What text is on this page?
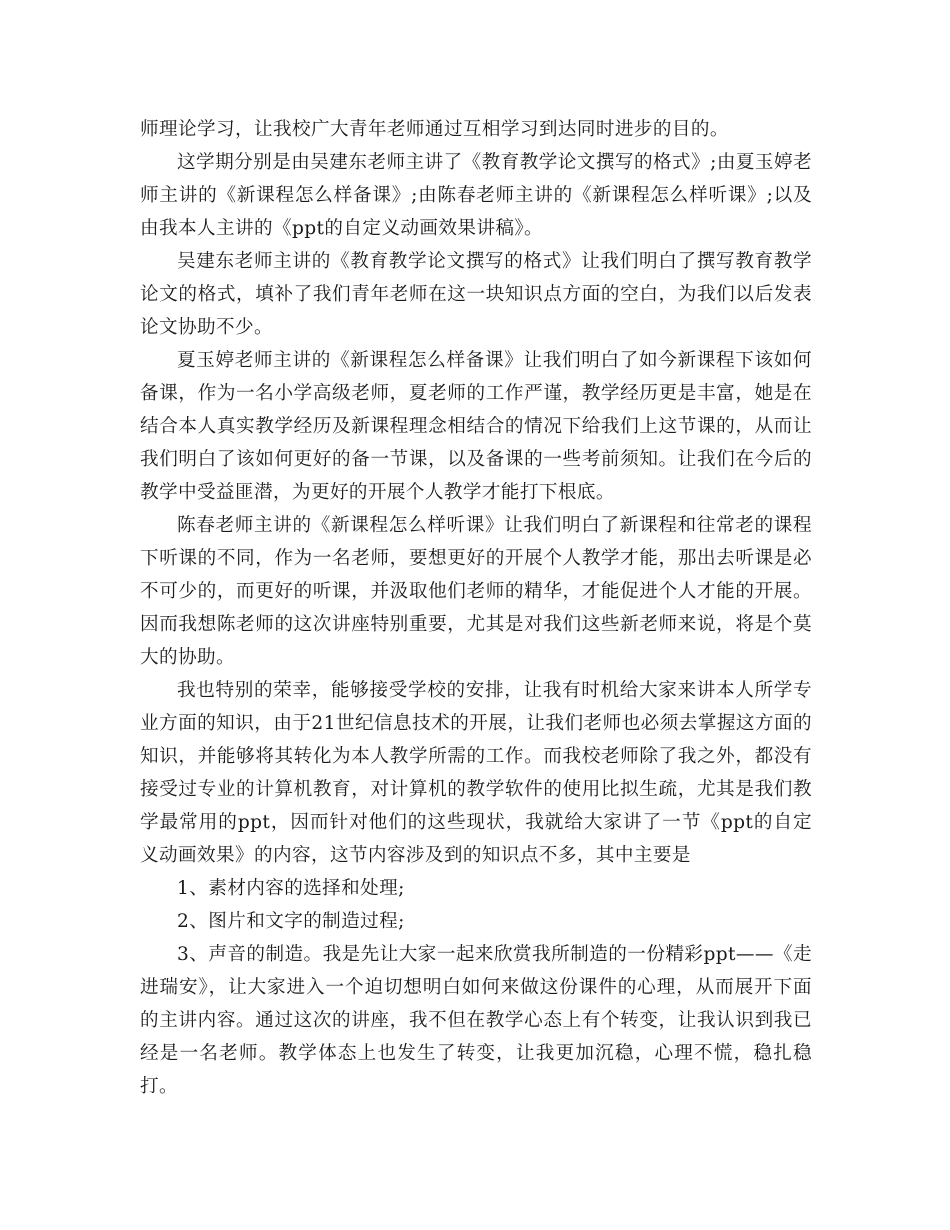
师理论学习，让我校广大青年老师通过互相学习到达同时进步的目的。

这学期分别是由吴建东老师主讲了《教育教学论文撰写的格式》;由夏玉婷老师主讲的《新课程怎么样备课》;由陈春老师主讲的《新课程怎么样听课》;以及由我本人主讲的《ppt的自定义动画效果讲稿》。

吴建东老师主讲的《教育教学论文撰写的格式》让我们明白了撰写教育教学论文的格式，填补了我们青年老师在这一块知识点方面的空白，为我们以后发表论文协助不少。

夏玉婷老师主讲的《新课程怎么样备课》让我们明白了如今新课程下该如何备课，作为一名小学高级老师，夏老师的工作严谨，教学经历更是丰富，她是在结合本人真实教学经历及新课程理念相结合的情况下给我们上这节课的，从而让我们明白了该如何更好的备一节课，以及备课的一些考前须知。让我们在今后的教学中受益匪潜，为更好的开展个人教学才能打下根底。

陈春老师主讲的《新课程怎么样听课》让我们明白了新课程和往常老的课程下听课的不同，作为一名老师，要想更好的开展个人教学才能，那出去听课是必不可少的，而更好的听课，并汲取他们老师的精华，才能促进个人才能的开展。因而我想陈老师的这次讲座特别重要，尤其是对我们这些新老师来说，将是个莫大的协助。

我也特别的荣幸，能够接受学校的安排，让我有时机给大家来讲本人所学专业方面的知识，由于21世纪信息技术的开展，让我们老师也必须去掌握这方面的知识，并能够将其转化为本人教学所需的工作。而我校老师除了我之外，都没有接受过专业的计算机教育，对计算机的教学软件的使用比拟生疏，尤其是我们教学最常用的ppt，因而针对他们的这些现状，我就给大家讲了一节《ppt的自定义动画效果》的内容，这节内容涉及到的知识点不多，其中主要是

1、素材内容的选择和处理;

2、图片和文字的制造过程;

3、声音的制造。我是先让大家一起来欣赏我所制造的一份精彩ppt——《走进瑞安》，让大家进入一个迫切想明白如何来做这份课件的心理，从而展开下面的主讲内容。通过这次的讲座，我不但在教学心态上有个转变，让我认识到我已经是一名老师。教学体态上也发生了转变，让我更加沉稳，心理不慌，稳扎稳打。
